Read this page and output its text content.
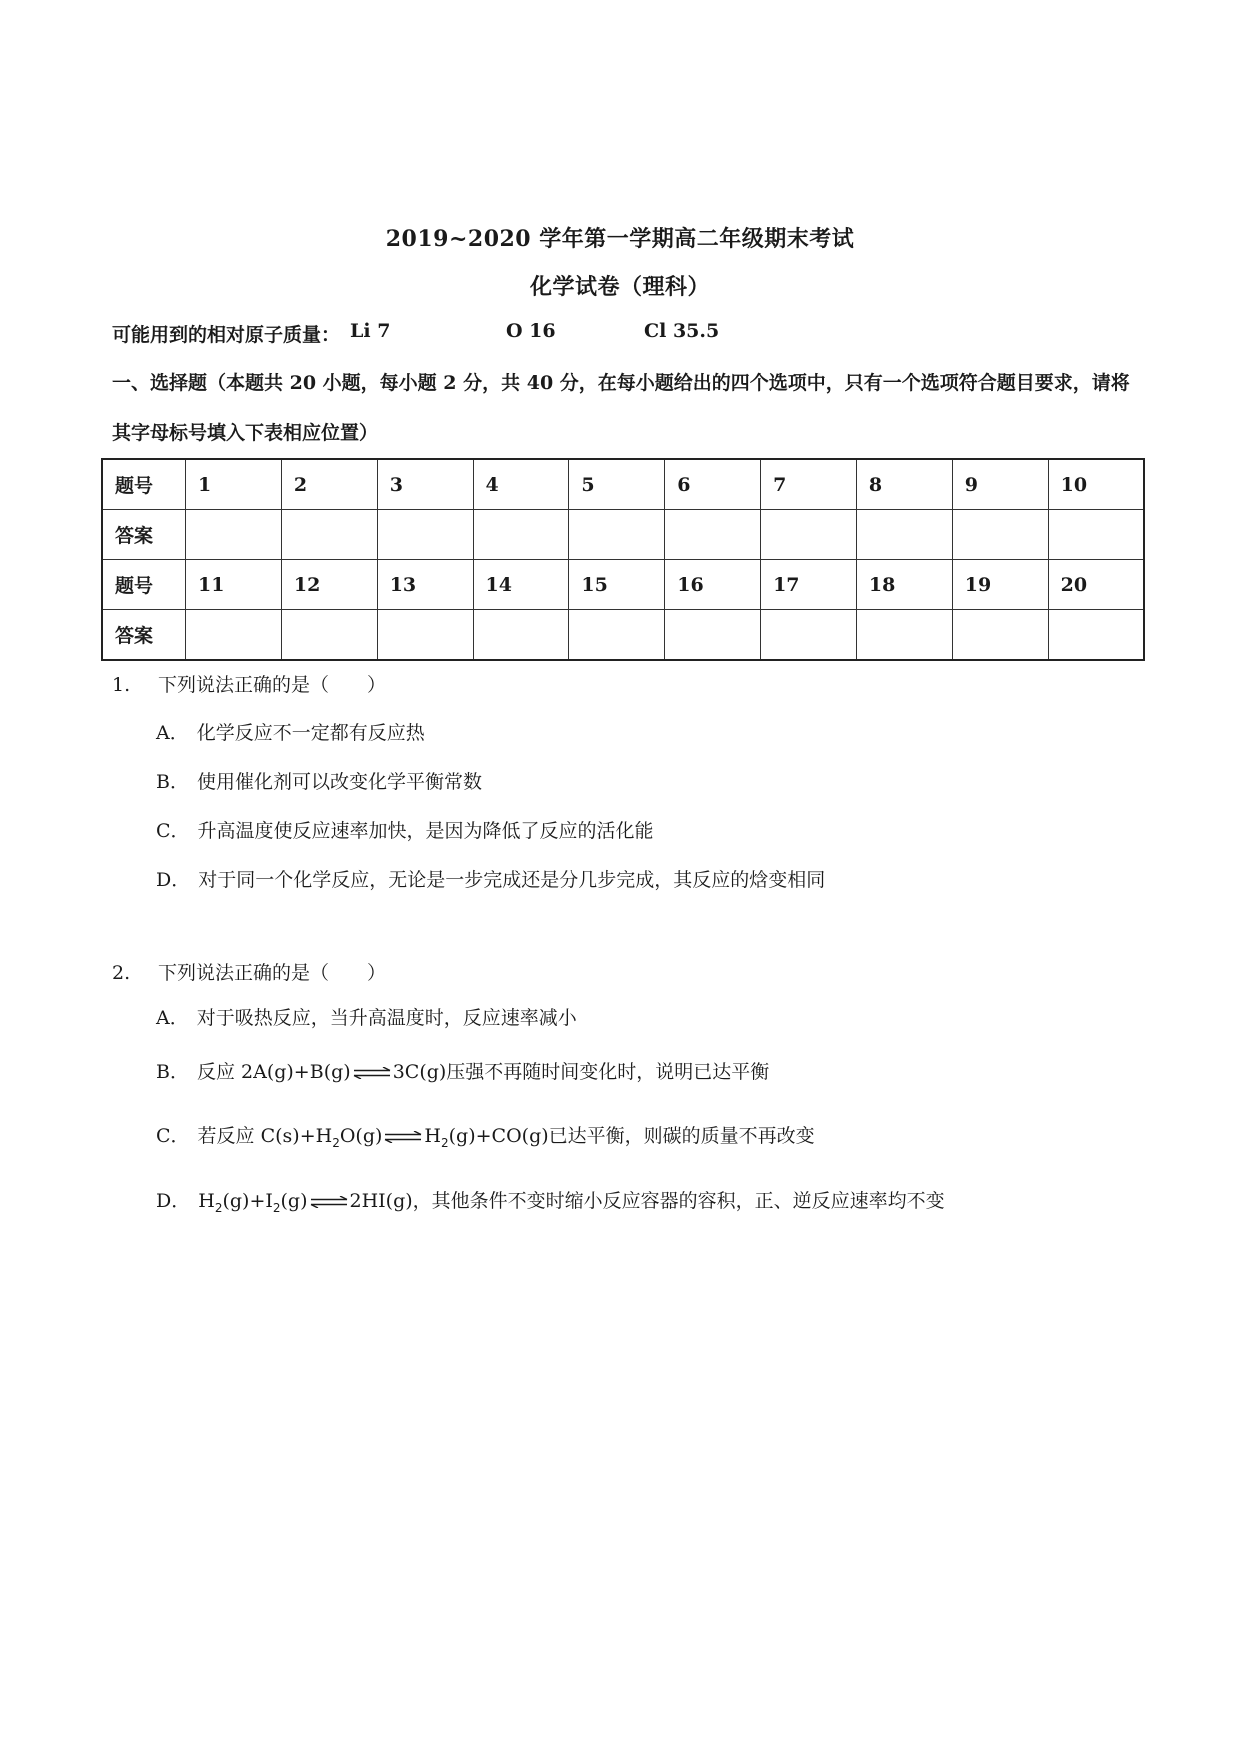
2019~2020 学年第一学期高二年级期末考试
化学试卷（理科）
可能用到的相对原子质量： Li 7	O 16	Cl 35.5
一、选择题（本题共 20 小题，每小题 2 分，共 40 分，在每小题给出的四个选项中，只有一个选项符合题目要求，请将其字母标号填入下表相应位置）
题号	1	2	3	4	5	6	7	8	9	10
答案										
题号	11	12	13	14	15	16	17	18	19	20
答案										
1. 下列说法正确的是（　　）
A． 化学反应不一定都有反应热
B． 使用催化剂可以改变化学平衡常数
C． 升高温度使反应速率加快，是因为降低了反应的活化能
D． 对于同一个化学反应，无论是一步完成还是分几步完成，其反应的焓变相同
2. 下列说法正确的是（　　）
A． 对于吸热反应，当升高温度时，反应速率减小
B． 反应 2A(g)+B(g) ⇌ 3C(g)压强不再随时间变化时，说明已达平衡
C． 若反应 $C(s)+H_2O(g)$ ⇌ $H_2(g)+CO(g)$已达平衡，则碳的质量不再改变
D． $H_2(g)+I_2(g)$ ⇌ 2HI(g)，其他条件不变时缩小反应容器的容积，正、逆反应速率均不变
